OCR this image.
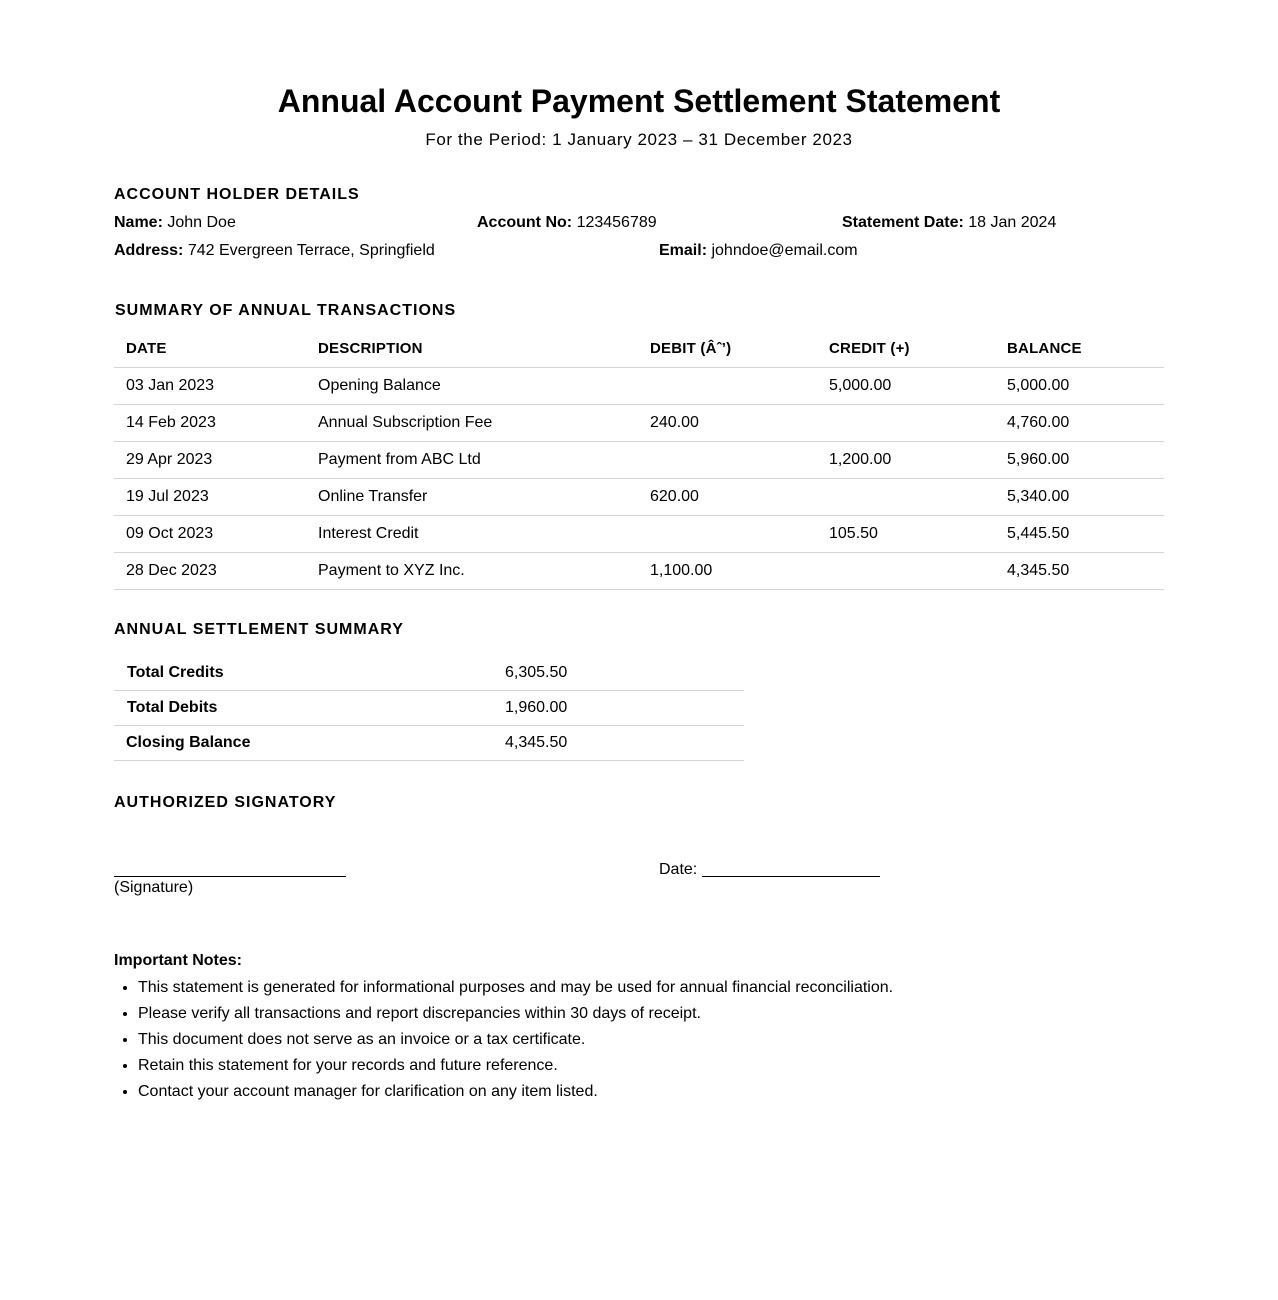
Annual Account Payment Settlement Statement
For the Period: 1 January 2023 – 31 December 2023
ACCOUNT HOLDER DETAILS
Name: John Doe	Account No: 123456789	Statement Date: 18 Jan 2024
Address: 742 Evergreen Terrace, Springfield	Email: johndoe@email.com
SUMMARY OF ANNUAL TRANSACTIONS
DATE	DESCRIPTION	DEBIT (Âˆ’)	CREDIT (+)	BALANCE
03 Jan 2023	Opening Balance		5,000.00	5,000.00
14 Feb 2023	Annual Subscription Fee	240.00		4,760.00
29 Apr 2023	Payment from ABC Ltd		1,200.00	5,960.00
19 Jul 2023	Online Transfer	620.00		5,340.00
09 Oct 2023	Interest Credit		105.50	5,445.50
28 Dec 2023	Payment to XYZ Inc.	1,100.00		4,345.50
ANNUAL SETTLEMENT SUMMARY
Total Credits	6,305.50
Total Debits	1,960.00
Closing Balance	4,345.50
AUTHORIZED SIGNATORY
(Signature)
Date:
Important Notes:
• This statement is generated for informational purposes and may be used for annual financial reconciliation.
• Please verify all transactions and report discrepancies within 30 days of receipt.
• This document does not serve as an invoice or a tax certificate.
• Retain this statement for your records and future reference.
• Contact your account manager for clarification on any item listed.
